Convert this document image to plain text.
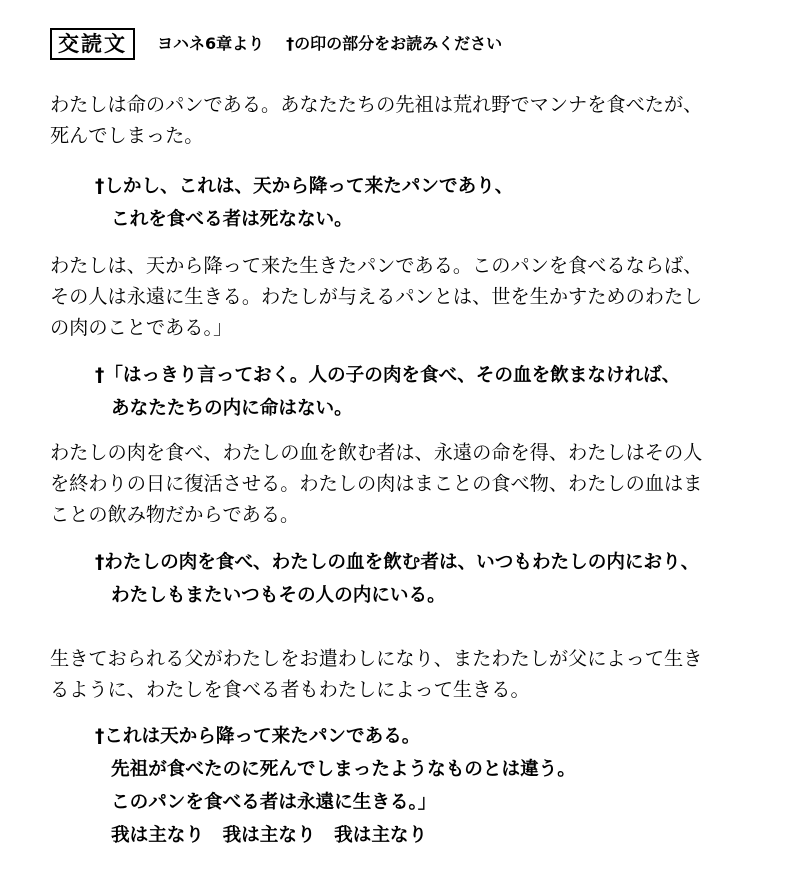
交読文 ヨハネ6章より †の印の部分をお読みください
わたしは命のパンである。あなたたちの先祖は荒れ野でマンナを食べたが、
死んでしまった。
†しかし、これは、天から降って来たパンであり、
これを食べる者は死なない。
わたしは、天から降って来た生きたパンである。このパンを食べるならば、
その人は永遠に生きる。わたしが与えるパンとは、世を生かすためのわたし
の肉のことである。」
†「はっきり言っておく。人の子の肉を食べ、その血を飲まなければ、
あなたたちの内に命はない。
わたしの肉を食べ、わたしの血を飲む者は、永遠の命を得、わたしはその人
を終わりの日に復活させる。わたしの肉はまことの食べ物、わたしの血はま
ことの飲み物だからである。
†わたしの肉を食べ、わたしの血を飲む者は、いつもわたしの内におり、
わたしもまたいつもその人の内にいる。
生きておられる父がわたしをお遣わしになり、またわたしが父によって生き
るように、わたしを食べる者もわたしによって生きる。
†これは天から降って来たパンである。
先祖が食べたのに死んでしまったようなものとは違う。
このパンを食べる者は永遠に生きる。」
我は主なり　我は主なり　我は主なり
